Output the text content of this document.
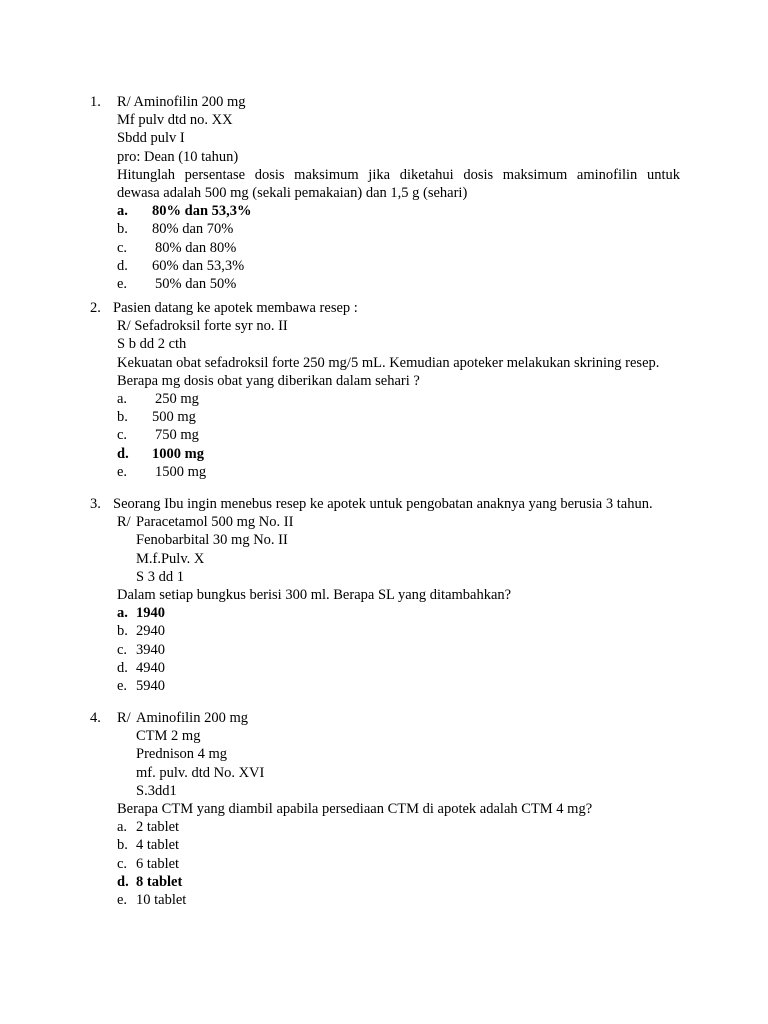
1.	R/ Aminofilin 200 mg
Mf pulv dtd no. XX
Sbdd pulv I
pro: Dean (10 tahun)
Hitunglah persentase dosis maksimum jika diketahui dosis maksimum aminofilin untuk
dewasa adalah 500 mg (sekali pemakaian) dan 1,5 g (sehari)
a. 80% dan 53,3%
b. 80% dan 70%
c. 80% dan 80%
d. 60% dan 53,3%
e. 50% dan 50%
2. Pasien datang ke apotek membawa resep :
R/ Sefadroksil forte syr no. II
S b dd 2 cth
Kekuatan obat sefadroksil forte 250 mg/5 mL. Kemudian apoteker melakukan skrining resep.
Berapa mg dosis obat yang diberikan dalam sehari ?
a. 250 mg
b. 500 mg
c. 750 mg
d. 1000 mg
e. 1500 mg
3. Seorang Ibu ingin menebus resep ke apotek untuk pengobatan anaknya yang berusia 3 tahun.
R/ Paracetamol 500 mg No. II
Fenobarbital 30 mg No. II
M.f.Pulv. X
S 3 dd 1
Dalam setiap bungkus berisi 300 ml. Berapa SL yang ditambahkan?
a. 1940
b. 2940
c. 3940
d. 4940
e. 5940
4.	R/ Aminofilin 200 mg
CTM 2 mg
Prednison 4 mg
mf. pulv. dtd No. XVI
S.3dd1
Berapa CTM yang diambil apabila persediaan CTM di apotek adalah CTM 4 mg?
a. 2 tablet
b. 4 tablet
c. 6 tablet
d. 8 tablet
e. 10 tablet
